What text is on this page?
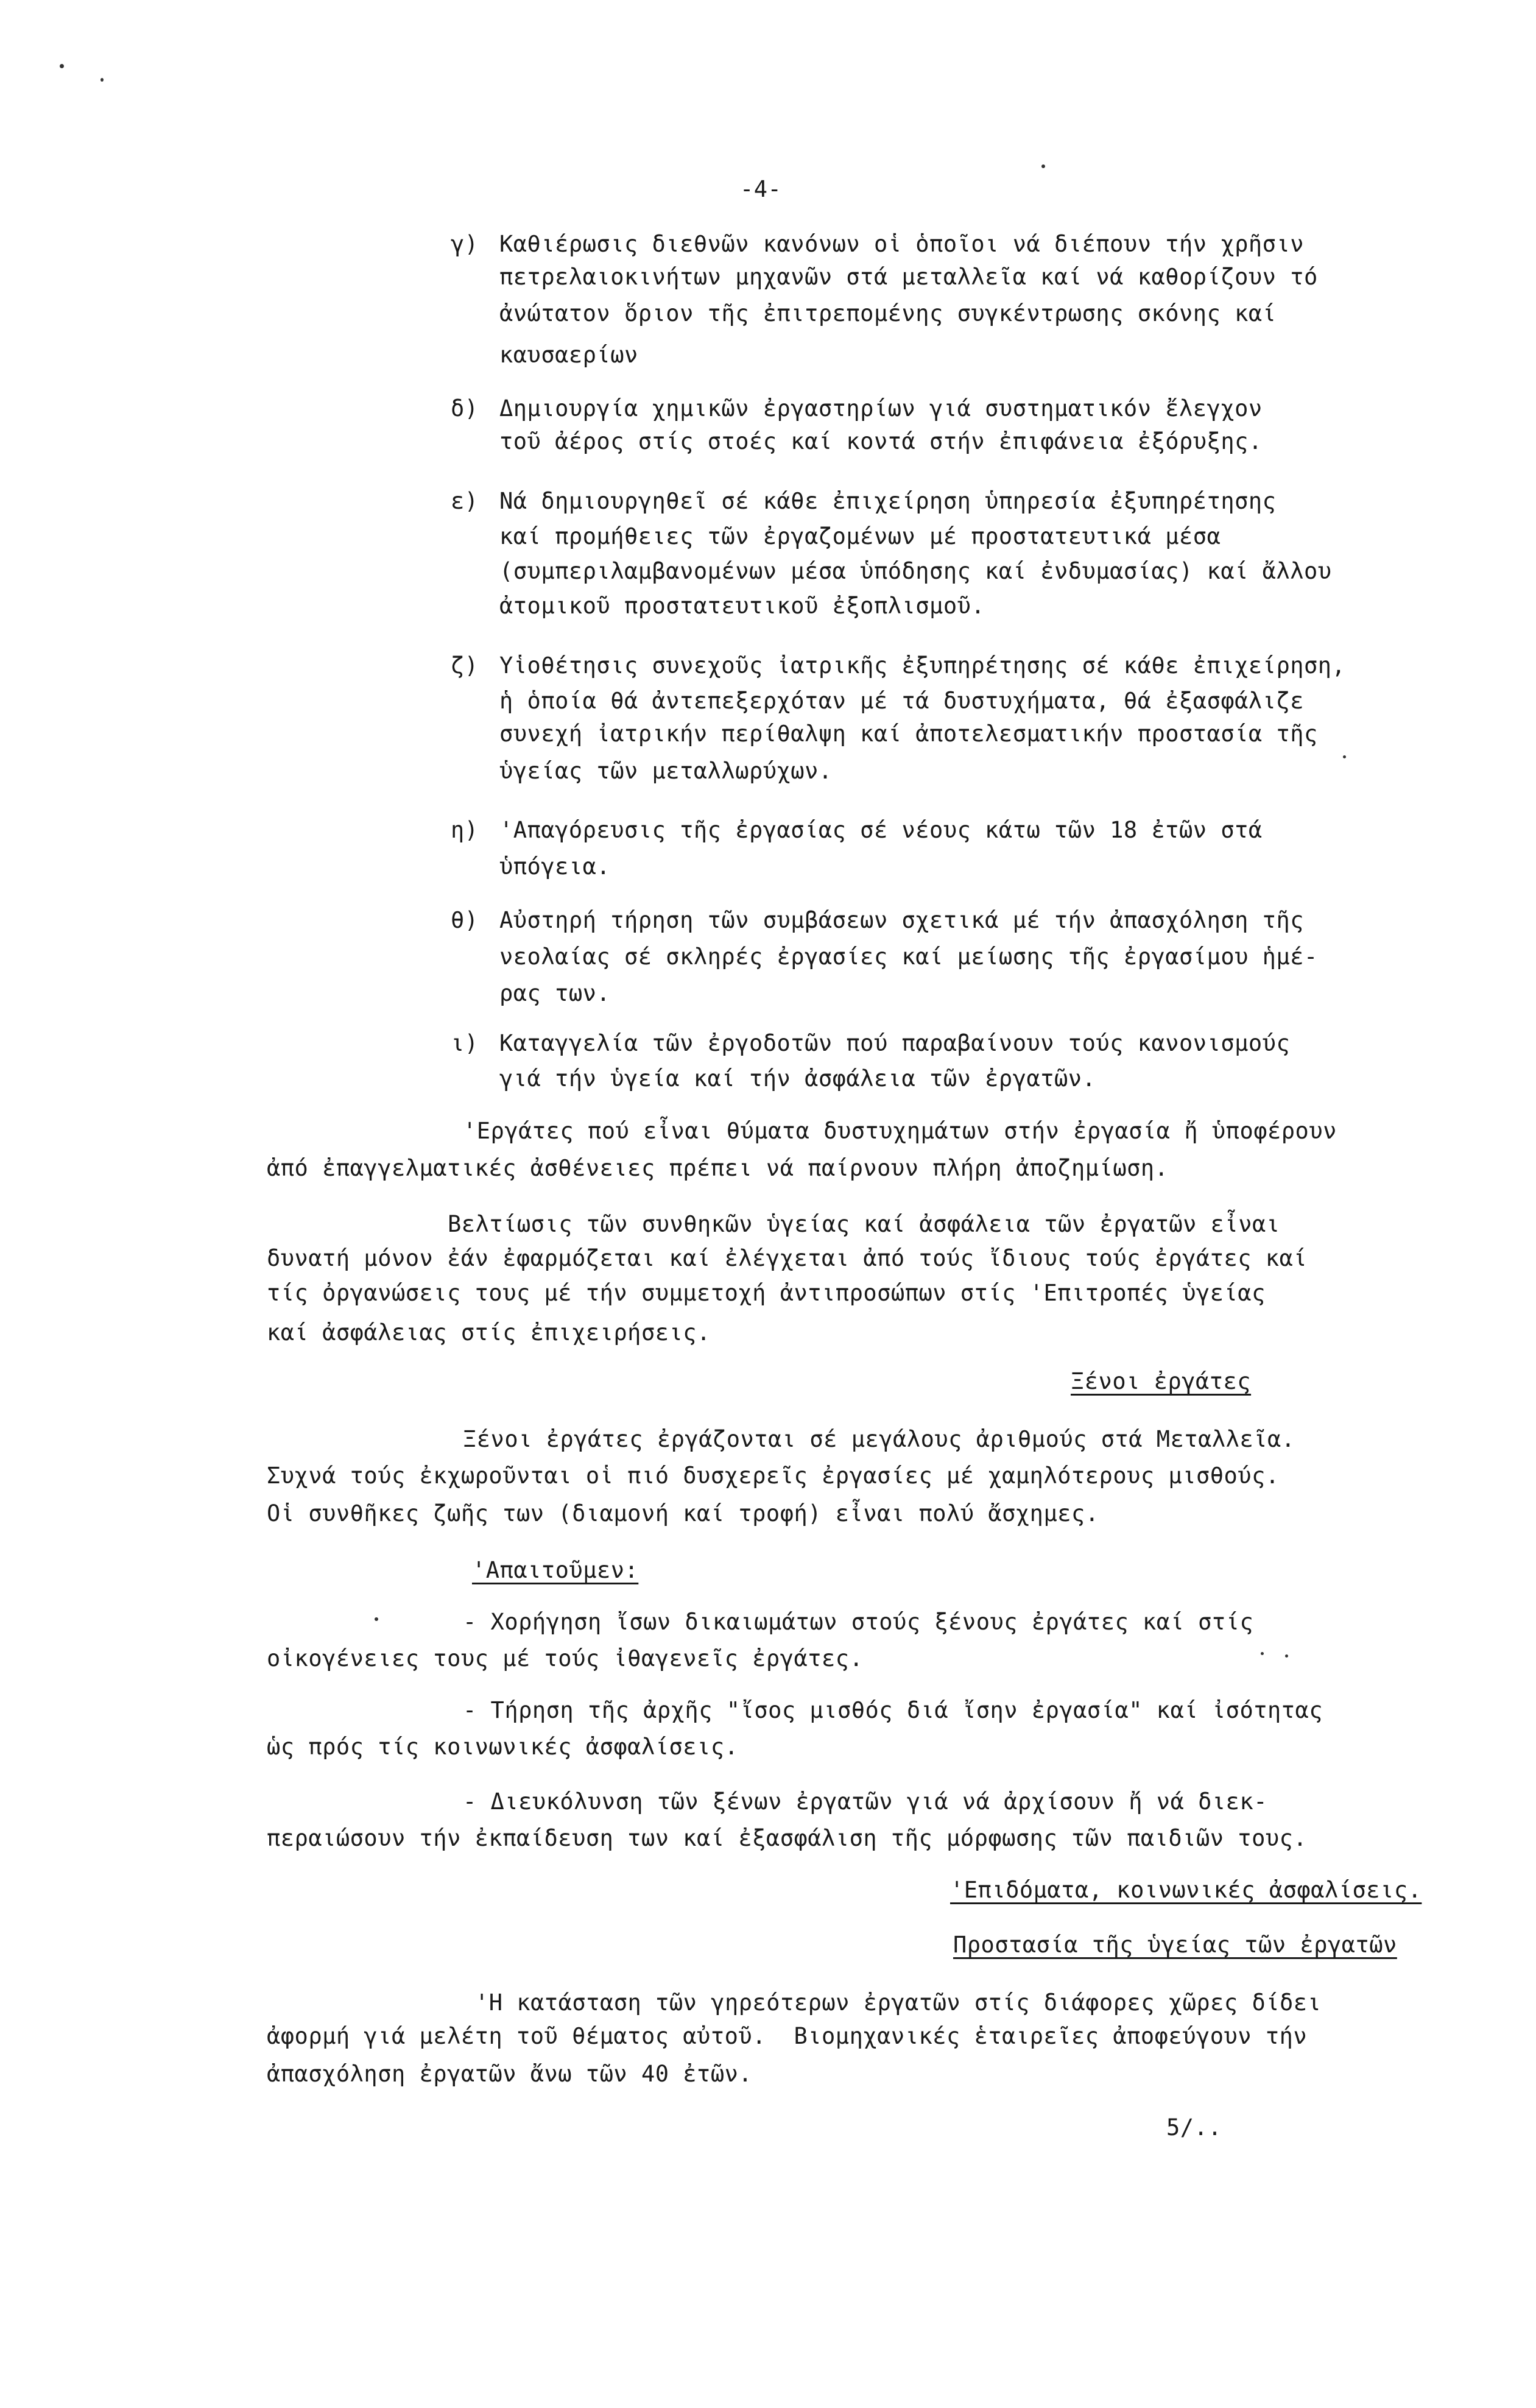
-4-
γ) Καθιέρωσις διεθνῶν κανόνων οἱ ὁποῖοι νά διέπουν τήν χρῆσιν
πετρελαιοκινήτων μηχανῶν στά μεταλλεῖα καί νά καθορίζουν τό
ἀνώτατον ὅριον τῆς ἐπιτρεπομένης συγκέντρωσης σκόνης καί
καυσαερίων
δ) Δημιουργία χημικῶν ἐργαστηρίων γιά συστηματικόν ἔλεγχον
τοῦ ἀέρος στίς στοές καί κοντά στήν ἐπιφάνεια ἐξόρυξης.
ε) Νά δημιουργηθεῖ σέ κάθε ἐπιχείρηση ὑπηρεσία ἐξυπηρέτησης
καί προμήθειες τῶν ἐργαζομένων μέ προστατευτικά μέσα
(συμπεριλαμβανομένων μέσα ὑπόδησης καί ἐνδυμασίας) καί ἄλλου
ἀτομικοῦ προστατευτικοῦ ἐξοπλισμοῦ.
ζ) Υἱοθέτησις συνεχοῦς ἰατρικῆς ἐξυπηρέτησης σέ κάθε ἐπιχείρηση,
ἡ ὁποία θά ἀντεπεξερχόταν μέ τά δυστυχήματα, θά ἐξασφάλιζε
συνεχή ἰατρικήν περίθαλψη καί ἀποτελεσματικήν προστασία τῆς
ὑγείας τῶν μεταλλωρύχων.
η) 'Απαγόρευσις τῆς ἐργασίας σέ νέους κάτω τῶν 18 ἐτῶν στά
ὑπόγεια.
θ) Αὐστηρή τήρηση τῶν συμβάσεων σχετικά μέ τήν ἀπασχόληση τῆς
νεολαίας σέ σκληρές ἐργασίες καί μείωσης τῆς ἐργασίμου ἡμέ-
ρας των.
ι) Καταγγελία τῶν ἐργοδοτῶν πού παραβαίνουν τούς κανονισμούς
γιά τήν ὑγεία καί τήν ἀσφάλεια τῶν ἐργατῶν.
'Εργάτες πού εἶναι θύματα δυστυχημάτων στήν ἐργασία ἤ ὑποφέρουν
ἀπό ἐπαγγελματικές ἀσθένειες πρέπει νά παίρνουν πλήρη ἀποζημίωση.
Βελτίωσις τῶν συνθηκῶν ὑγείας καί ἀσφάλεια τῶν ἐργατῶν εἶναι
δυνατή μόνον ἐάν ἐφαρμόζεται καί ἐλέγχεται ἀπό τούς ἴδιους τούς ἐργάτες καί
τίς ὀργανώσεις τους μέ τήν συμμετοχή ἀντιπροσώπων στίς 'Επιτροπές ὑγείας
καί ἀσφάλειας στίς ἐπιχειρήσεις.
Ξένοι ἐργάτες
Ξένοι ἐργάτες ἐργάζονται σέ μεγάλους ἀριθμούς στά Μεταλλεῖα.
Συχνά τούς ἐκχωροῦνται οἱ πιό δυσχερεῖς ἐργασίες μέ χαμηλότερους μισθούς.
Οἱ συνθῆκες ζωῆς των (διαμονή καί τροφή) εἶναι πολύ ἄσχημες.
'Απαιτοῦμεν:
- Χορήγηση ἴσων δικαιωμάτων στούς ξένους ἐργάτες καί στίς
οἰκογένειες τους μέ τούς ἰθαγενεῖς ἐργάτες.
- Τήρηση τῆς ἀρχῆς "ἴσος μισθός διά ἴσην ἐργασία" καί ἰσότητας
ὡς πρός τίς κοινωνικές ἀσφαλίσεις.
- Διευκόλυνση τῶν ξένων ἐργατῶν γιά νά ἀρχίσουν ἤ νά διεκ-
περαιώσουν τήν ἐκπαίδευση των καί ἐξασφάλιση τῆς μόρφωσης τῶν παιδιῶν τους.
'Επιδόματα, κοινωνικές ἀσφαλίσεις.
Προστασία τῆς ὑγείας τῶν ἐργατῶν
'Η κατάσταση τῶν γηρεότερων ἐργατῶν στίς διάφορες χῶρες δίδει
ἀφορμή γιά μελέτη τοῦ θέματος αὐτοῦ.  Βιομηχανικές ἑταιρεῖες ἀποφεύγουν τήν
ἀπασχόληση ἐργατῶν ἄνω τῶν 40 ἐτῶν.
5/..
